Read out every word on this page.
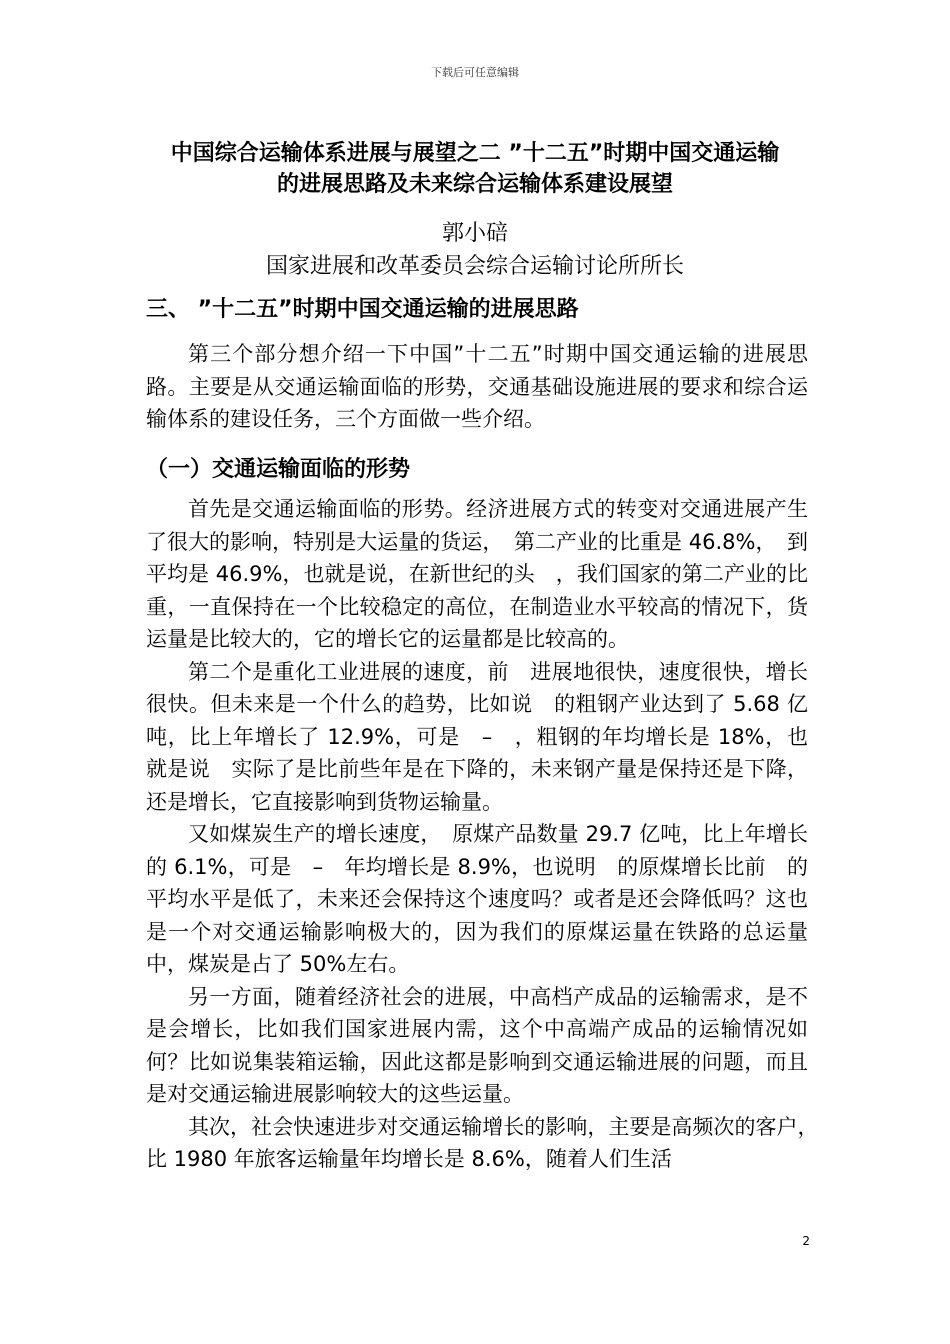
下载后可任意编辑
中国综合运输体系进展与展望之二 ”十二五”时期中国交通运输
的进展思路及未来综合运输体系建设展望
郭小碚
国家进展和改革委员会综合运输讨论所所长
三、 ”十二五”时期中国交通运输的进展思路

第三个部分想介绍一下中国”十二五”时期中国交通运输的进展思路。主要是从交通运输面临的形势，交通基础设施进展的要求和综合运输体系的建设任务，三个方面做一些介绍。

（一）交通运输面临的形势

首先是交通运输面临的形势。经济进展方式的转变对交通进展产生了很大的影响，特别是大运量的货运，　第二产业的比重是 46.8%，　到　平均是 46.9%，也就是说，在新世纪的头　，我们国家的第二产业的比重，一直保持在一个比较稳定的高位，在制造业水平较高的情况下，货运量是比较大的，它的增长它的运量都是比较高的。

第二个是重化工业进展的速度，前　进展地很快，速度很快，增长很快。但未来是一个什么的趋势，比如说　的粗钢产业达到了 5.68 亿吨，比上年增长了 12.9%，可是　–　，粗钢的年均增长是 18%，也就是说　实际了是比前些年是在下降的，未来钢产量是保持还是下降，还是增长，它直接影响到货物运输量。

又如煤炭生产的增长速度，　原煤产品数量 29.7 亿吨，比上年增长的 6.1%，可是　–　年均增长是 8.9%，也说明　的原煤增长比前　的平均水平是低了，未来还会保持这个速度吗？或者是还会降低吗？这也是一个对交通运输影响极大的，因为我们的原煤运量在铁路的总运量中，煤炭是占了 50%左右。

另一方面，随着经济社会的进展，中高档产成品的运输需求，是不是会增长，比如我们国家进展内需，这个中高端产成品的运输情况如何？比如说集装箱运输，因此这都是影响到交通运输进展的问题，而且是对交通运输进展影响较大的这些运量。

其次，社会快速进步对交通运输增长的影响，主要是高频次的客户，　比 1980 年旅客运输量年均增长是 8.6%，随着人们生活

2
